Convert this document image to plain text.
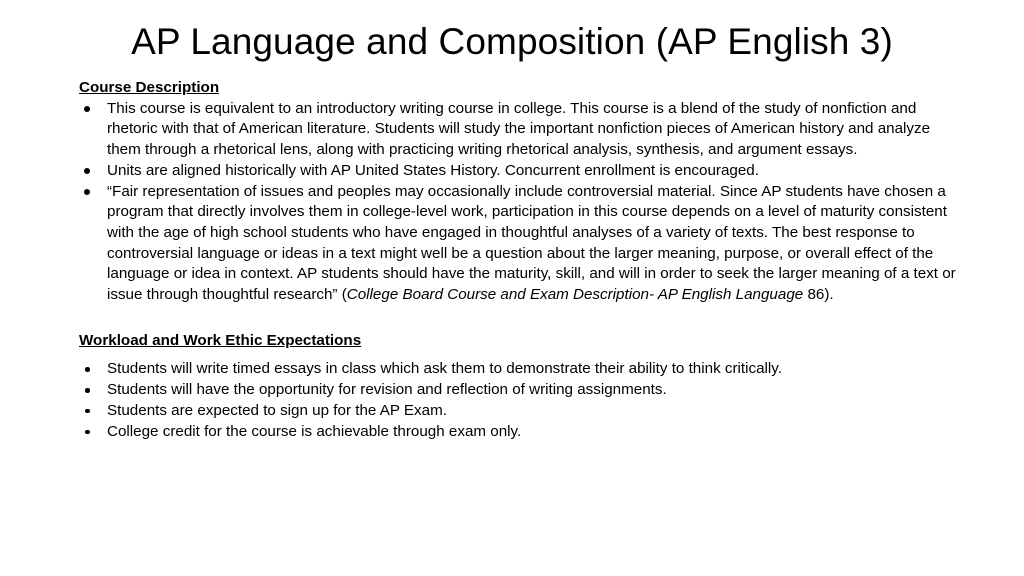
AP Language and Composition (AP English 3)

Course Description

This course is equivalent to an introductory writing course in college. This course is a blend of the study of nonfiction and rhetoric with that of American literature. Students will study the important nonfiction pieces of American history and analyze them through a rhetorical lens, along with practicing writing rhetorical analysis, synthesis, and argument essays.
Units are aligned historically with AP United States History. Concurrent enrollment is encouraged.
“Fair representation of issues and peoples may occasionally include controversial material. Since AP students have chosen a program that directly involves them in college-level work, participation in this course depends on a level of maturity consistent with the age of high school students who have engaged in thoughtful analyses of a variety of texts. The best response to controversial language or ideas in a text might well be a question about the larger meaning, purpose, or overall effect of the language or idea in context. AP students should have the maturity, skill, and will in order to seek the larger meaning of a text or issue through thoughtful research” (College Board Course and Exam Description- AP English Language 86).

Workload and Work Ethic Expectations

Students will write timed essays in class which ask them to demonstrate their ability to think critically.
Students will have the opportunity for revision and reflection of writing assignments.
Students are expected to sign up for the AP Exam.
College credit for the course is achievable through exam only.
